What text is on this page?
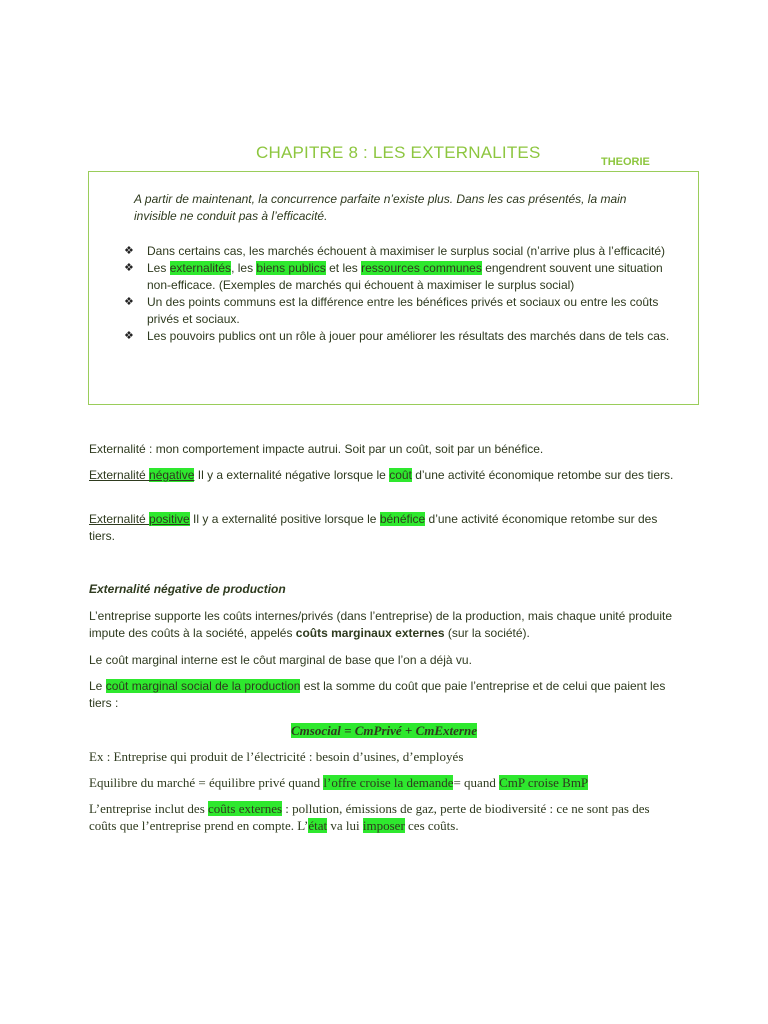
CHAPITRE 8 : LES EXTERNALITES	THEORIE
A partir de maintenant, la concurrence parfaite n’existe plus. Dans les cas présentés, la main invisible ne conduit pas à l’efficacité.
❖ Dans certains cas, les marchés échouent à maximiser le surplus social (n’arrive plus à l’efficacité)
❖ Les externalités, les biens publics et les ressources communes engendrent souvent une situation non-efficace. (Exemples de marchés qui échouent à maximiser le surplus social)
❖ Un des points communs est la différence entre les bénéfices privés et sociaux ou entre les coûts privés et sociaux.
❖ Les pouvoirs publics ont un rôle à jouer pour améliorer les résultats des marchés dans de tels cas.
Externalité : mon comportement impacte autrui. Soit par un coût, soit par un bénéfice.
Externalité négative Il y a externalité négative lorsque le coût d’une activité économique retombe sur des tiers.
Externalité positive Il y a externalité positive lorsque le bénéfice d’une activité économique retombe sur des tiers.
Externalité négative de production
L’entreprise supporte les coûts internes/privés (dans l’entreprise) de la production, mais chaque unité produite impute des coûts à la société, appelés coûts marginaux externes (sur la société).
Le coût marginal interne est le côut marginal de base que l’on a déjà vu.
Le coût marginal social de la production est la somme du coût que paie l’entreprise et de celui que paient les tiers :
Cmsocial = CmPrivé + CmExterne
Ex : Entreprise qui produit de l’électricité : besoin d’usines, d’employés
Equilibre du marché = équilibre privé quand l’offre croise la demande= quand CmP croise BmP
L’entreprise inclut des coûts externes : pollution, émissions de gaz, perte de biodiversité : ce ne sont pas des coûts que l’entreprise prend en compte. L’état va lui imposer ces coûts.
